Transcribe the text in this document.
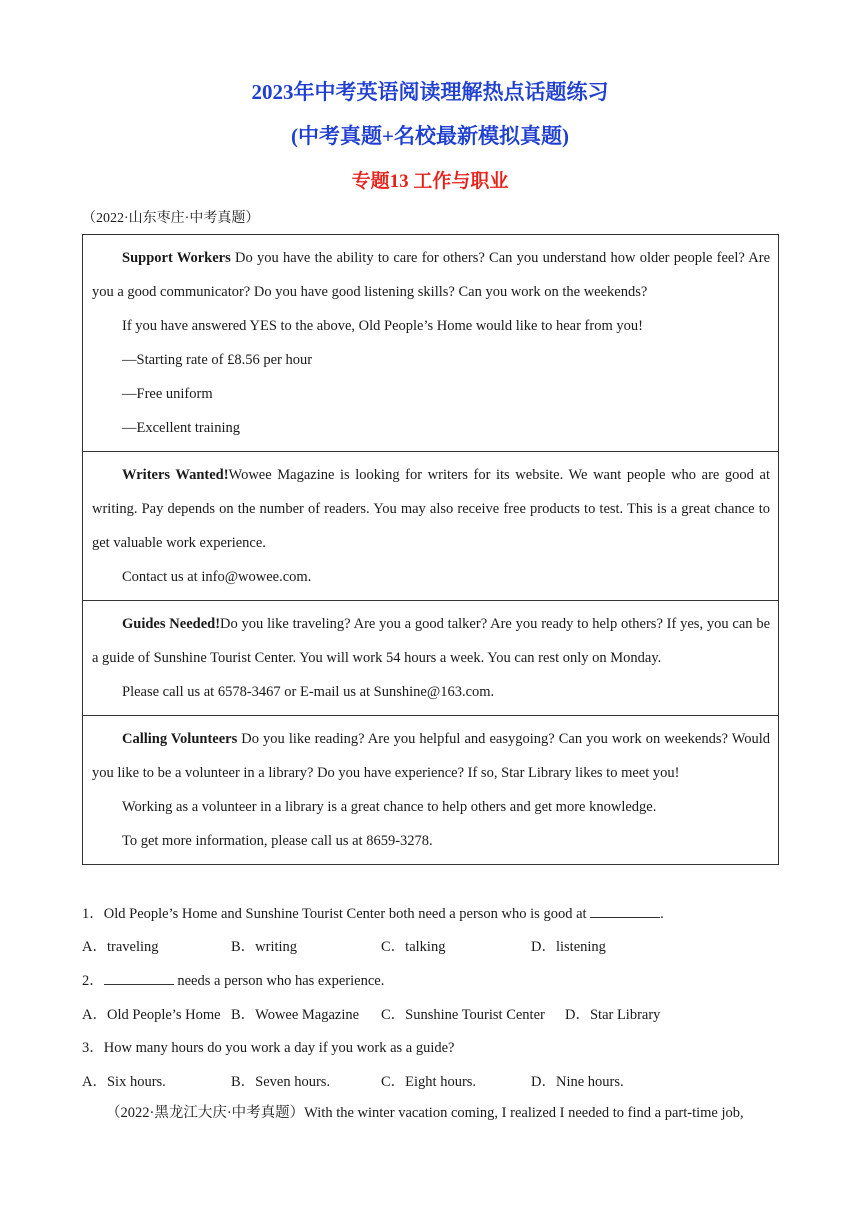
2023年中考英语阅读理解热点话题练习
(中考真题+名校最新模拟真题)
专题13 工作与职业
（2022·山东枣庄·中考真题）

Support Workers Do you have the ability to care for others? Can you understand how older people feel? Are you a good communicator? Do you have good listening skills? Can you work on the weekends?

If you have answered YES to the above, Old People’s Home would like to hear from you!

—Starting rate of £8.56 per hour

—Free uniform

—Excellent training

Writers Wanted!Wowee Magazine is looking for writers for its website. We want people who are good at writing. Pay depends on the number of readers. You may also receive free products to test. This is a great chance to get valuable work experience.

Contact us at info@wowee.com.

Guides Needed!Do you like traveling? Are you a good talker? Are you ready to help others? If yes, you can be a guide of Sunshine Tourist Center. You will work 54 hours a week. You can rest only on Monday.

Please call us at 6578-3467 or E-mail us at Sunshine@163.com.

Calling Volunteers Do you like reading? Are you helpful and easygoing? Can you work on weekends? Would you like to be a volunteer in a library? Do you have experience? If so, Star Library likes to meet you!

Working as a volunteer in a library is a great chance to help others and get more knowledge.

To get more information, please call us at 8659-3278.

1．Old People’s Home and Sunshine Tourist Center both need a person who is good at	.
A．traveling	B．writing	C．talking	D．listening
2．	needs a person who has experience.
A．Old People’s Home B．Wowee Magazine C．Sunshine Tourist Center D．Star Library
3．How many hours do you work a day if you work as a guide?
A．Six hours.	B．Seven hours.	C．Eight hours.	D．Nine hours.
（2022·黑龙江大庆·中考真题）With the winter vacation coming, I realized I needed to find a part-time job,
